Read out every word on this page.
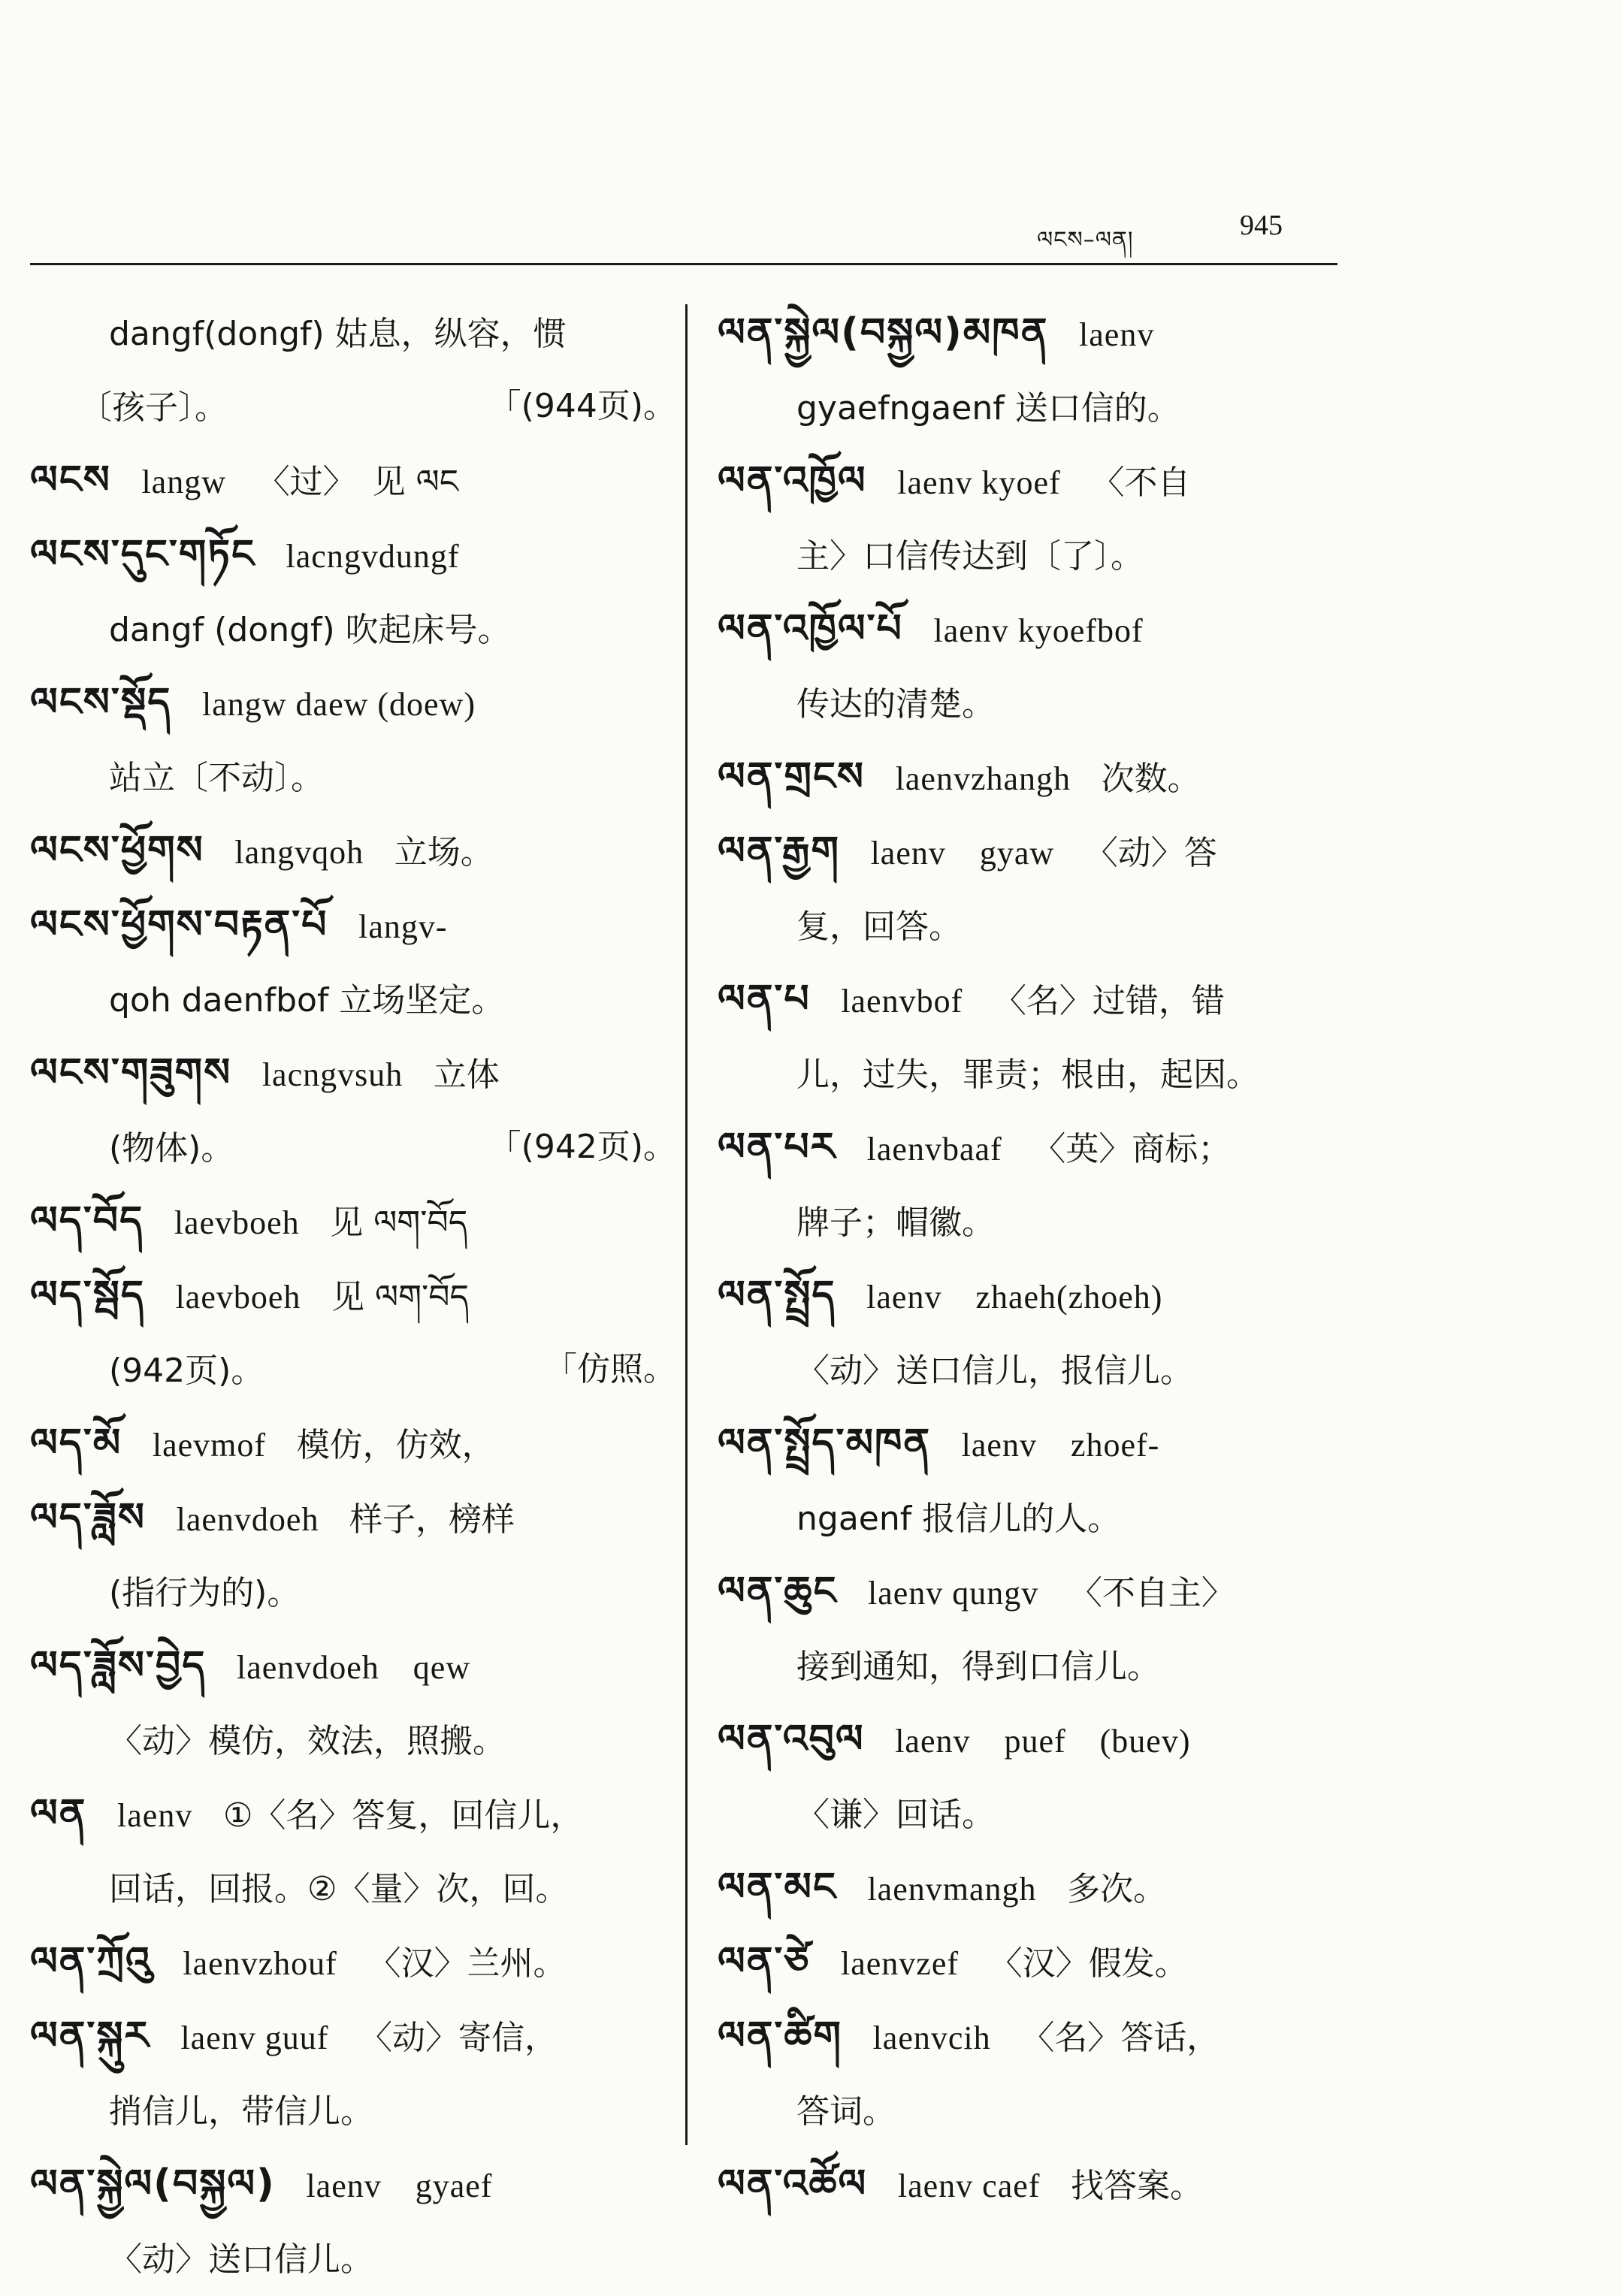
ལངས–ལན།	945

dangf(dongf) 姑息，纵容，惯

〔孩子〕。	「(944页)。

ལངས langw 〈过〉　见 ལང

ལངས་དུང་གཏོང lacngvdungf

dangf (dongf) 吹起床号。

ལངས་སྡོད langw daew (doew)

站立〔不动〕。

ལངས་ཕྱོགས langvqoh 立场。

ལངས་ཕྱོགས་བརྟན་པོ langv-

qoh daenfbof 立场坚定。

ལངས་གཟུགས lacngvsuh 立体

(物体)。	「(942页)。

ལད་བོད laevboeh 见 ལག་བོད

ལད་སྦོད laevboeh 见 ལག་བོད

(942页)。	「仿照。

ལད་མོ laevmof 模仿，仿效，

ལད་ཟློས laenvdoeh 样子，榜样

(指行为的)。

ལད་ཟློས་བྱེད laenvdoeh　qew

〈动〉模仿，效法，照搬。

ལན laenv ①〈名〉答复，回信儿，

回话，回报。②〈量〉次，回。

ལན་ཀྲོའུ laenvzhouf 〈汉〉兰州。

ལན་སྐུར laenv guuf 〈动〉寄信，

捎信儿，带信儿。

ལན་སྐྱེལ(བསྐྱལ) laenv　gyaef

〈动〉送口信儿。

ལན་སྐྱེལ(བསྐྱལ)མཁན laenv

gyaefngaenf 送口信的。

ལན་འཁྱོལ laenv kyoef 〈不自

主〉口信传达到〔了〕。

ལན་འཁྱོལ་པོ laenv kyoefbof

传达的清楚。

ལན་གྲངས laenvzhangh 次数。

ལན་རྒྱག laenv　gyaw 〈动〉答

复，回答。

ལན་པ laenvbof 〈名〉过错，错

儿，过失，罪责；根由，起因。

ལན་པར laenvbaaf 〈英〉商标；

牌子；帽徽。

ལན་སྤྲོད laenv　zhaeh(zhoeh)

〈动〉送口信儿，报信儿。

ལན་སྤྲོད་མཁན laenv　zhoef-

ngaenf 报信儿的人。

ལན་ཆུང laenv qungv 〈不自主〉

接到通知，得到口信儿。

ལན་འབུལ laenv　puef　(buev)

〈谦〉回话。

ལན་མང laenvmangh 多次。

ལན་ཙེ laenvzef 〈汉〉假发。

ལན་ཚིག laenvcih 〈名〉答话，

答词。

ལན་འཚོལ laenv caef 找答案。
